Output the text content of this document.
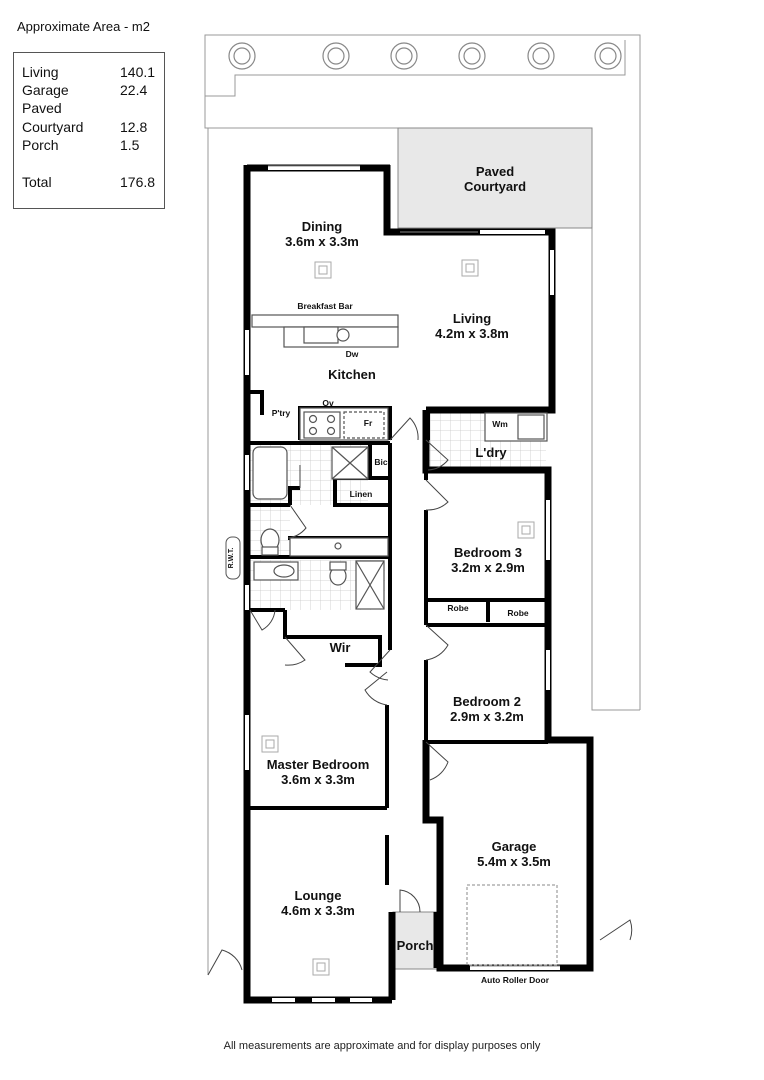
Approximate Area - m2
Living	140.1
Garage	22.4
Paved
Courtyard	12.8
Porch	1.5
Total	176.8
Paved
Courtyard
Dining
3.6m x 3.3m
Living
4.2m x 3.8m
Kitchen
Bedroom 3
3.2m x 2.9m
Bedroom 2
2.9m x 3.2m
Master Bedroom
3.6m x 3.3m
Garage
5.4m x 3.5m
Lounge
4.6m x 3.3m
L'dry
Porch
Wir
Breakfast Bar
Dw
Ov
Fr
P'try
Bic
Linen
Wm
Robe	Robe
Auto Roller Door
R.W.T.
All measurements are approximate and for display purposes only
